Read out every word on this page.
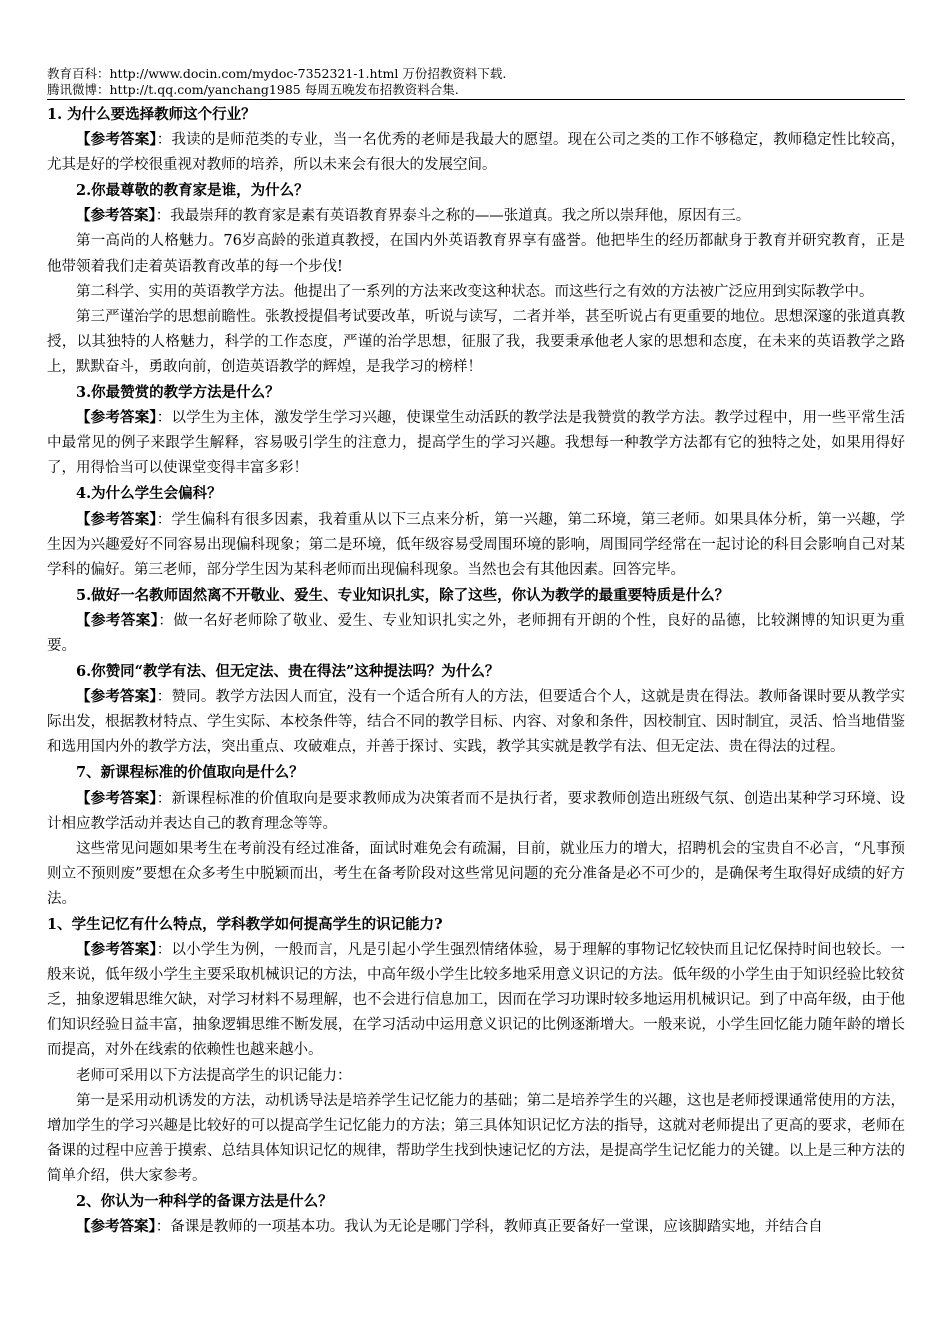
教育百科：http://www.docin.com/mydoc-7352321-1.html 万份招教资料下载.
腾讯微博：http://t.qq.com/yanchang1985 每周五晚发布招教资料合集.

1. 为什么要选择教师这个行业？

【参考答案】：我读的是师范类的专业，当一名优秀的老师是我最大的愿望。现在公司之类的工作不够稳定，教师稳定性比较高，尤其是好的学校很重视对教师的培养，所以未来会有很大的发展空间。

2.你最尊敬的教育家是谁，为什么？

【参考答案】：我最崇拜的教育家是素有英语教育界泰斗之称的——张道真。我之所以崇拜他，原因有三。

第一高尚的人格魅力。76岁高龄的张道真教授，在国内外英语教育界享有盛誉。他把毕生的经历都献身于教育并研究教育，正是他带领着我们走着英语教育改革的每一个步伐!

第二科学、实用的英语教学方法。他提出了一系列的方法来改变这种状态。而这些行之有效的方法被广泛应用到实际教学中。

第三严谨治学的思想前瞻性。张教授提倡考试要改革，听说与读写，二者并举，甚至听说占有更重要的地位。思想深邃的张道真教授，以其独特的人格魅力，科学的工作态度，严谨的治学思想，征服了我，我要秉承他老人家的思想和态度，在未来的英语教学之路上，默默奋斗，勇敢向前，创造英语教学的辉煌，是我学习的榜样！

3.你最赞赏的教学方法是什么？

【参考答案】：以学生为主体，激发学生学习兴趣，使课堂生动活跃的教学法是我赞赏的教学方法。教学过程中，用一些平常生活中最常见的例子来跟学生解释，容易吸引学生的注意力，提高学生的学习兴趣。我想每一种教学方法都有它的独特之处，如果用得好了，用得恰当可以使课堂变得丰富多彩！

4.为什么学生会偏科？

【参考答案】：学生偏科有很多因素，我着重从以下三点来分析，第一兴趣，第二环境，第三老师。如果具体分析，第一兴趣，学生因为兴趣爱好不同容易出现偏科现象；第二是环境，低年级容易受周围环境的影响，周围同学经常在一起讨论的科目会影响自己对某学科的偏好。第三老师，部分学生因为某科老师而出现偏科现象。当然也会有其他因素。回答完毕。

5.做好一名教师固然离不开敬业、爱生、专业知识扎实，除了这些，你认为教学的最重要特质是什么？

【参考答案】：做一名好老师除了敬业、爱生、专业知识扎实之外，老师拥有开朗的个性，良好的品德，比较渊博的知识更为重要。

6.你赞同“教学有法、但无定法、贵在得法”这种提法吗？为什么？

【参考答案】：赞同。教学方法因人而宜，没有一个适合所有人的方法，但要适合个人，这就是贵在得法。教师备课时要从教学实际出发，根据教材特点、学生实际、本校条件等，结合不同的教学目标、内容、对象和条件，因校制宜、因时制宜，灵活、恰当地借鉴和选用国内外的教学方法，突出重点、攻破难点，并善于探讨、实践，教学其实就是教学有法、但无定法、贵在得法的过程。

7、新课程标准的价值取向是什么？

【参考答案】：新课程标准的价值取向是要求教师成为决策者而不是执行者，要求教师创造出班级气氛、创造出某种学习环境、设计相应教学活动并表达自己的教育理念等等。

这些常见问题如果考生在考前没有经过准备，面试时难免会有疏漏，目前，就业压力的增大，招聘机会的宝贵自不必言，“凡事预则立不预则废”要想在众多考生中脱颖而出，考生在备考阶段对这些常见问题的充分准备是必不可少的，是确保考生取得好成绩的好方法。

1、学生记忆有什么特点，学科教学如何提高学生的识记能力?

【参考答案】：以小学生为例，一般而言，凡是引起小学生强烈情绪体验，易于理解的事物记忆较快而且记忆保持时间也较长。一般来说，低年级小学生主要采取机械识记的方法，中高年级小学生比较多地采用意义识记的方法。低年级的小学生由于知识经验比较贫乏，抽象逻辑思维欠缺，对学习材料不易理解，也不会进行信息加工，因而在学习功课时较多地运用机械识记。到了中高年级，由于他们知识经验日益丰富，抽象逻辑思维不断发展，在学习活动中运用意义识记的比例逐渐增大。一般来说，小学生回忆能力随年龄的增长而提高，对外在线索的依赖性也越来越小。

老师可采用以下方法提高学生的识记能力：

第一是采用动机诱发的方法，动机诱导法是培养学生记忆能力的基础；第二是培养学生的兴趣，这也是老师授课通常使用的方法，增加学生的学习兴趣是比较好的可以提高学生记忆能力的方法；第三具体知识记忆方法的指导，这就对老师提出了更高的要求，老师在备课的过程中应善于摸索、总结具体知识记忆的规律，帮助学生找到快速记忆的方法，是提高学生记忆能力的关键。以上是三种方法的简单介绍，供大家参考。

2、你认为一种科学的备课方法是什么？

【参考答案】：备课是教师的一项基本功。我认为无论是哪门学科，教师真正要备好一堂课，应该脚踏实地，并结合自
